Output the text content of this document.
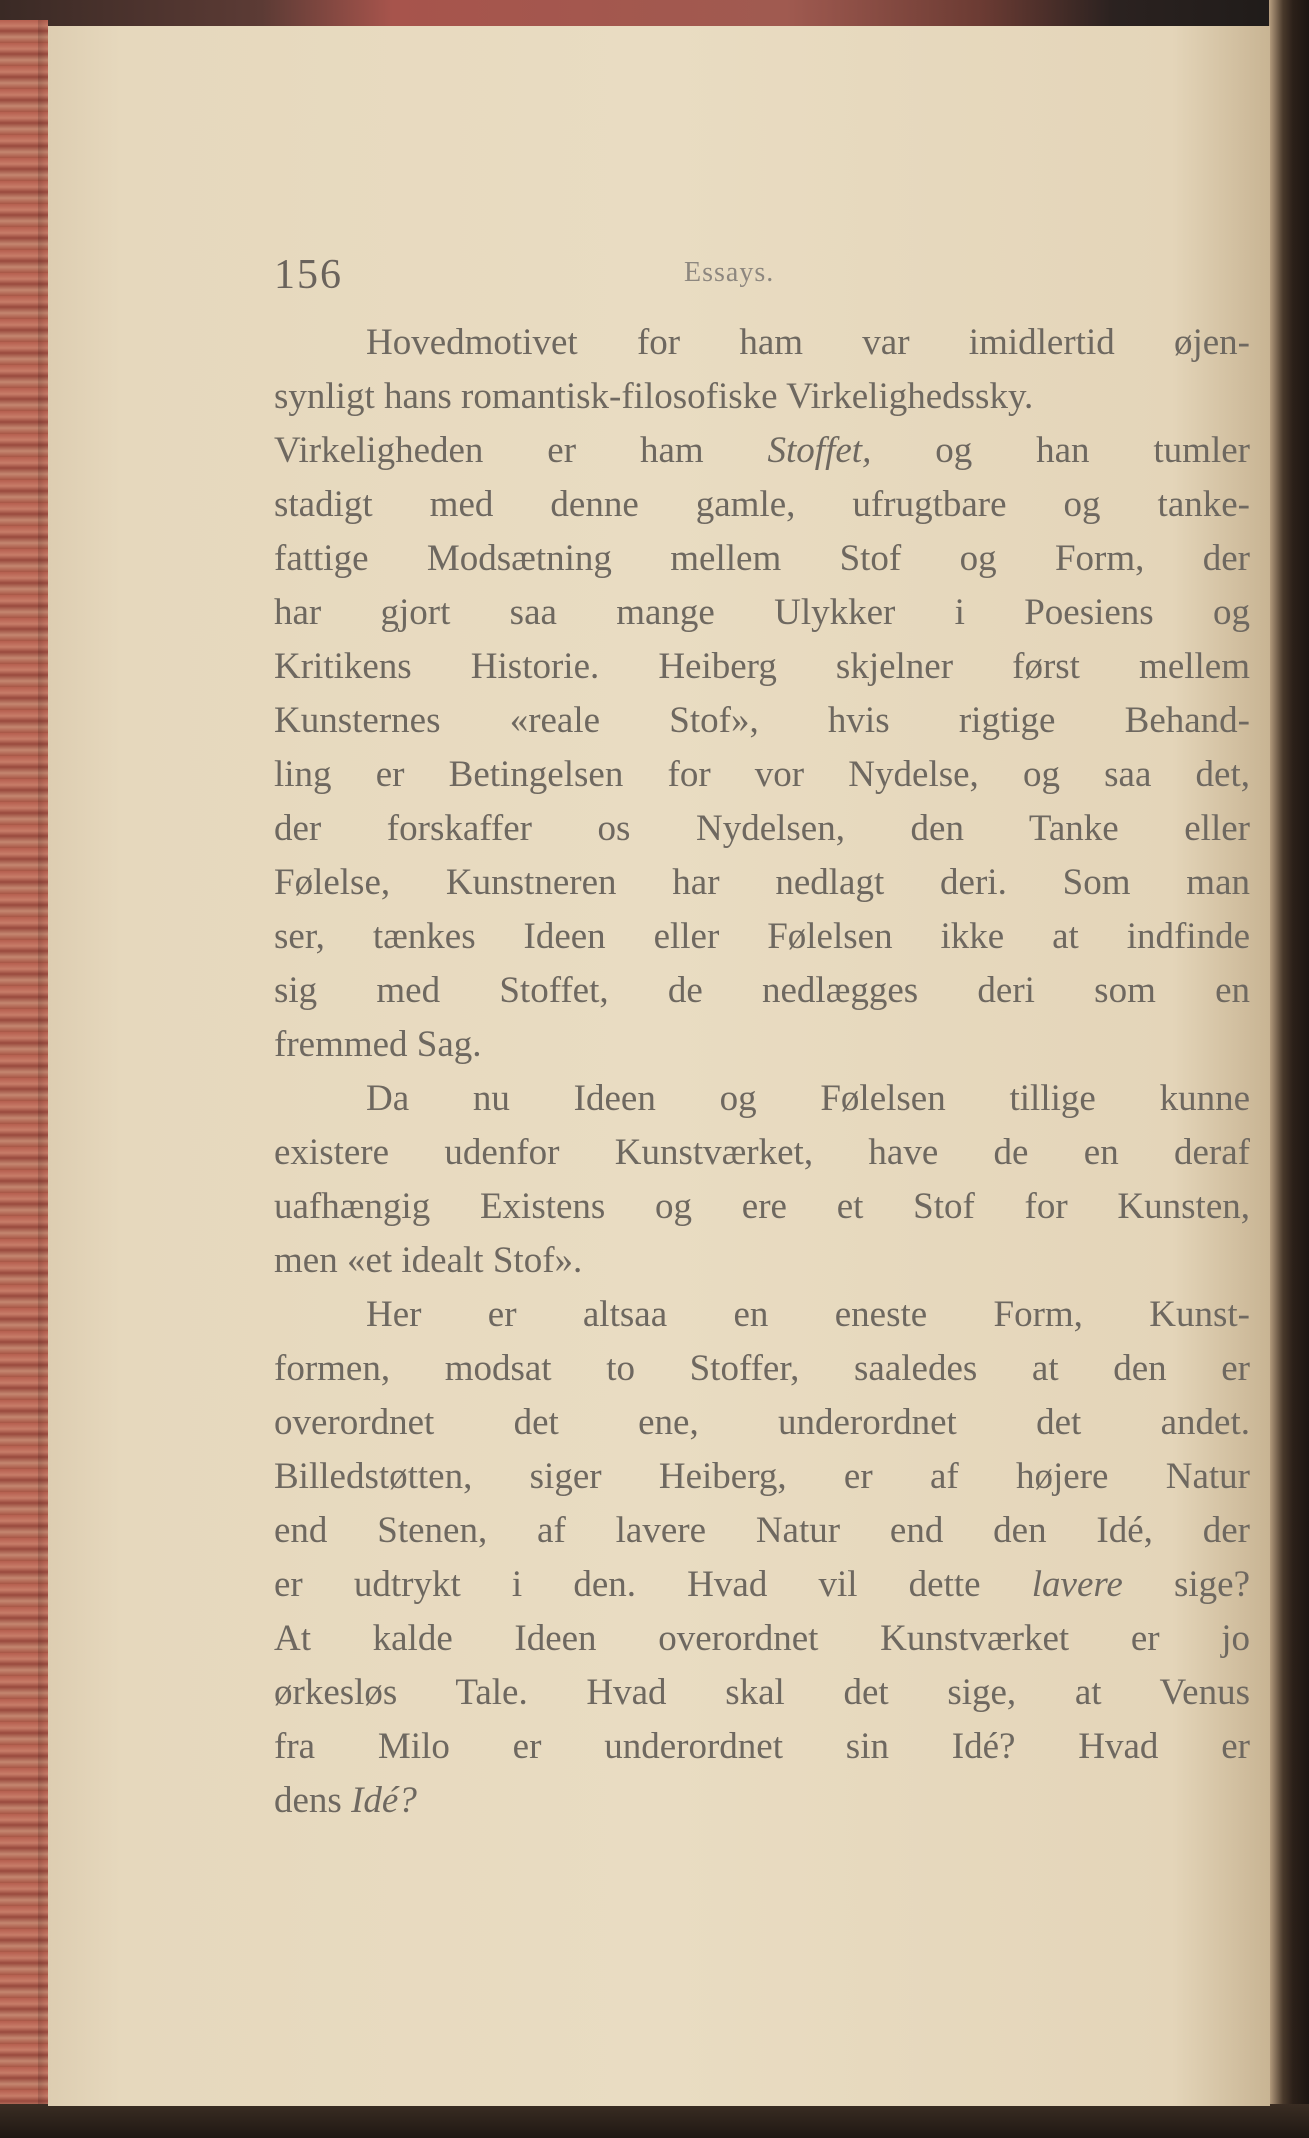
156	Essays.
Hovedmotivet for ham var imidlertid øjen-
synligt hans romantisk-filosofiske Virkelighedssky.
Virkeligheden er ham Stoffet, og han tumler
stadigt med denne gamle, ufrugtbare og tanke-
fattige Modsætning mellem Stof og Form, der
har gjort saa mange Ulykker i Poesiens og
Kritikens Historie. Heiberg skjelner først mellem
Kunsternes «reale Stof», hvis rigtige Behand-
ling er Betingelsen for vor Nydelse, og saa det,
der forskaffer os Nydelsen, den Tanke eller
Følelse, Kunstneren har nedlagt deri. Som man
ser, tænkes Ideen eller Følelsen ikke at indfinde
sig med Stoffet, de nedlægges deri som en
fremmed Sag.
Da nu Ideen og Følelsen tillige kunne
existere udenfor Kunstværket, have de en deraf
uafhængig Existens og ere et Stof for Kunsten,
men «et idealt Stof».
Her er altsaa en eneste Form, Kunst-
formen, modsat to Stoffer, saaledes at den er
overordnet det ene, underordnet det andet.
Billedstøtten, siger Heiberg, er af højere Natur
end Stenen, af lavere Natur end den Idé, der
er udtrykt i den. Hvad vil dette lavere sige?
At kalde Ideen overordnet Kunstværket er jo
ørkesløs Tale. Hvad skal det sige, at Venus
fra Milo er underordnet sin Idé? Hvad er
dens Idé?
